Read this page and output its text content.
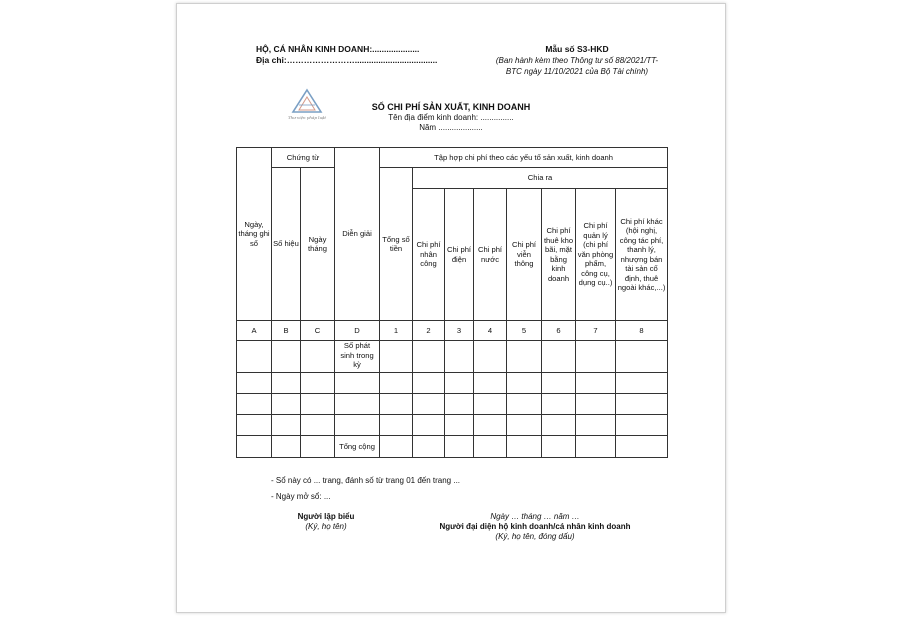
HỘ, CÁ NHÂN KINH DOANH:....................
Địa chỉ:……………………...................................
Mẫu số S3-HKD
(Ban hành kèm theo Thông tư số 88/2021/TT-
BTC ngày 11/10/2021 của Bộ Tài chính)
Thư viện pháp luật
SỔ CHI PHÍ SẢN XUẤT, KINH DOANH
Tên địa điểm kinh doanh: ...............
Năm ....................
Ngày, tháng ghi sổ	Chứng từ		Diễn giải	Tập hợp chi phí theo các yếu tố sản xuất, kinh doanh							
	Số hiệu	Ngày tháng		Tổng số tiền	Chia ra						
					Chi phí nhân công	Chi phí điện	Chi phí nước	Chi phí viễn thông	Chi phí thuê kho bãi, mặt bằng kinh doanh	Chi phí quản lý (chi phí văn phòng phẩm, công cụ, dụng cụ..)	Chi phí khác (hội nghị, công tác phí, thanh lý, nhượng bán tài sản cố định, thuê ngoài khác,...)

A	B	C	D	1	2	3	4	5	6	7	8
			Số phát sinh trong kỳ								

			Tổng cộng								
- Sổ này có ... trang, đánh số từ trang 01 đến trang ...
- Ngày mở sổ: ...
Người lập biểu
(Ký, họ tên)
Ngày … tháng … năm …
Người đại diện hộ kinh doanh/cá nhân kinh doanh
(Ký, họ tên, đóng dấu)
